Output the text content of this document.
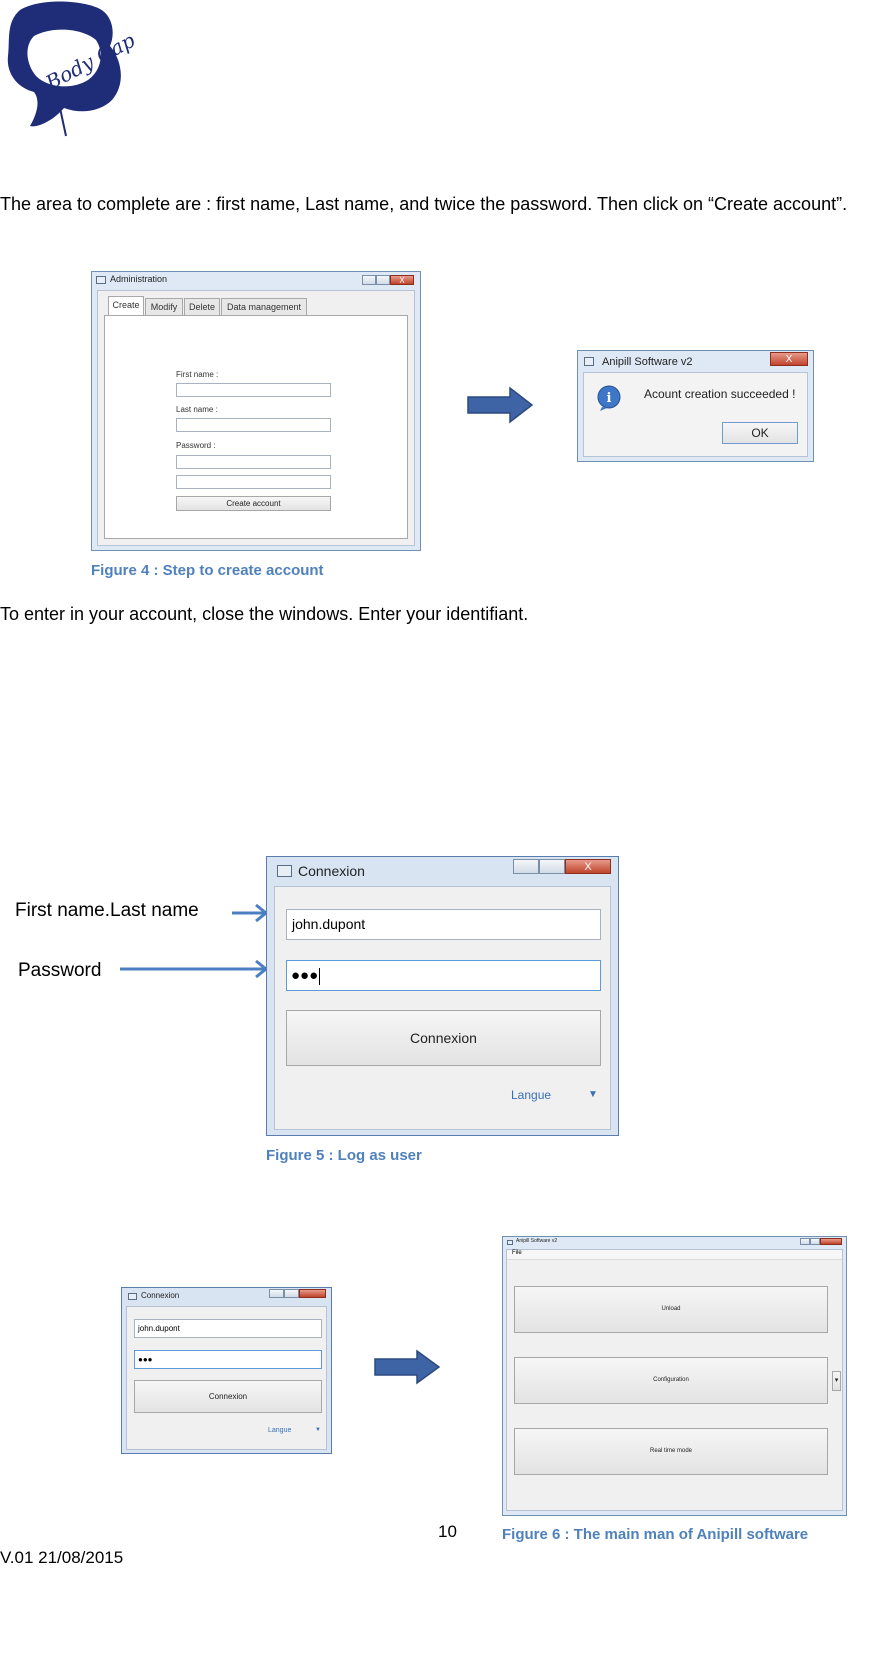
Body Cap
The area to complete are : first name, Last name, and twice the password. Then click on “Create account”.
Administration	X
Create	Modify	Delete	Data management
First name :
Last name :
Password :
Create account
Anipill Software v2	X
i	Acount creation succeeded !
OK
Figure 4 : Step to create account
To enter in your account, close the windows. Enter your identifiant.
First name.Last name
Password
Connexion	X
john.dupont
●●●
Connexion
Langue	▼
Figure 5 : Log as user
Connexion
john.dupont
●●●
Connexion
Langue	▼
Anipill Software v2
File
Unload
Configuration	▾
Real time mode
Figure 6 : The main man of Anipill software
10
V.01 21/08/2015
